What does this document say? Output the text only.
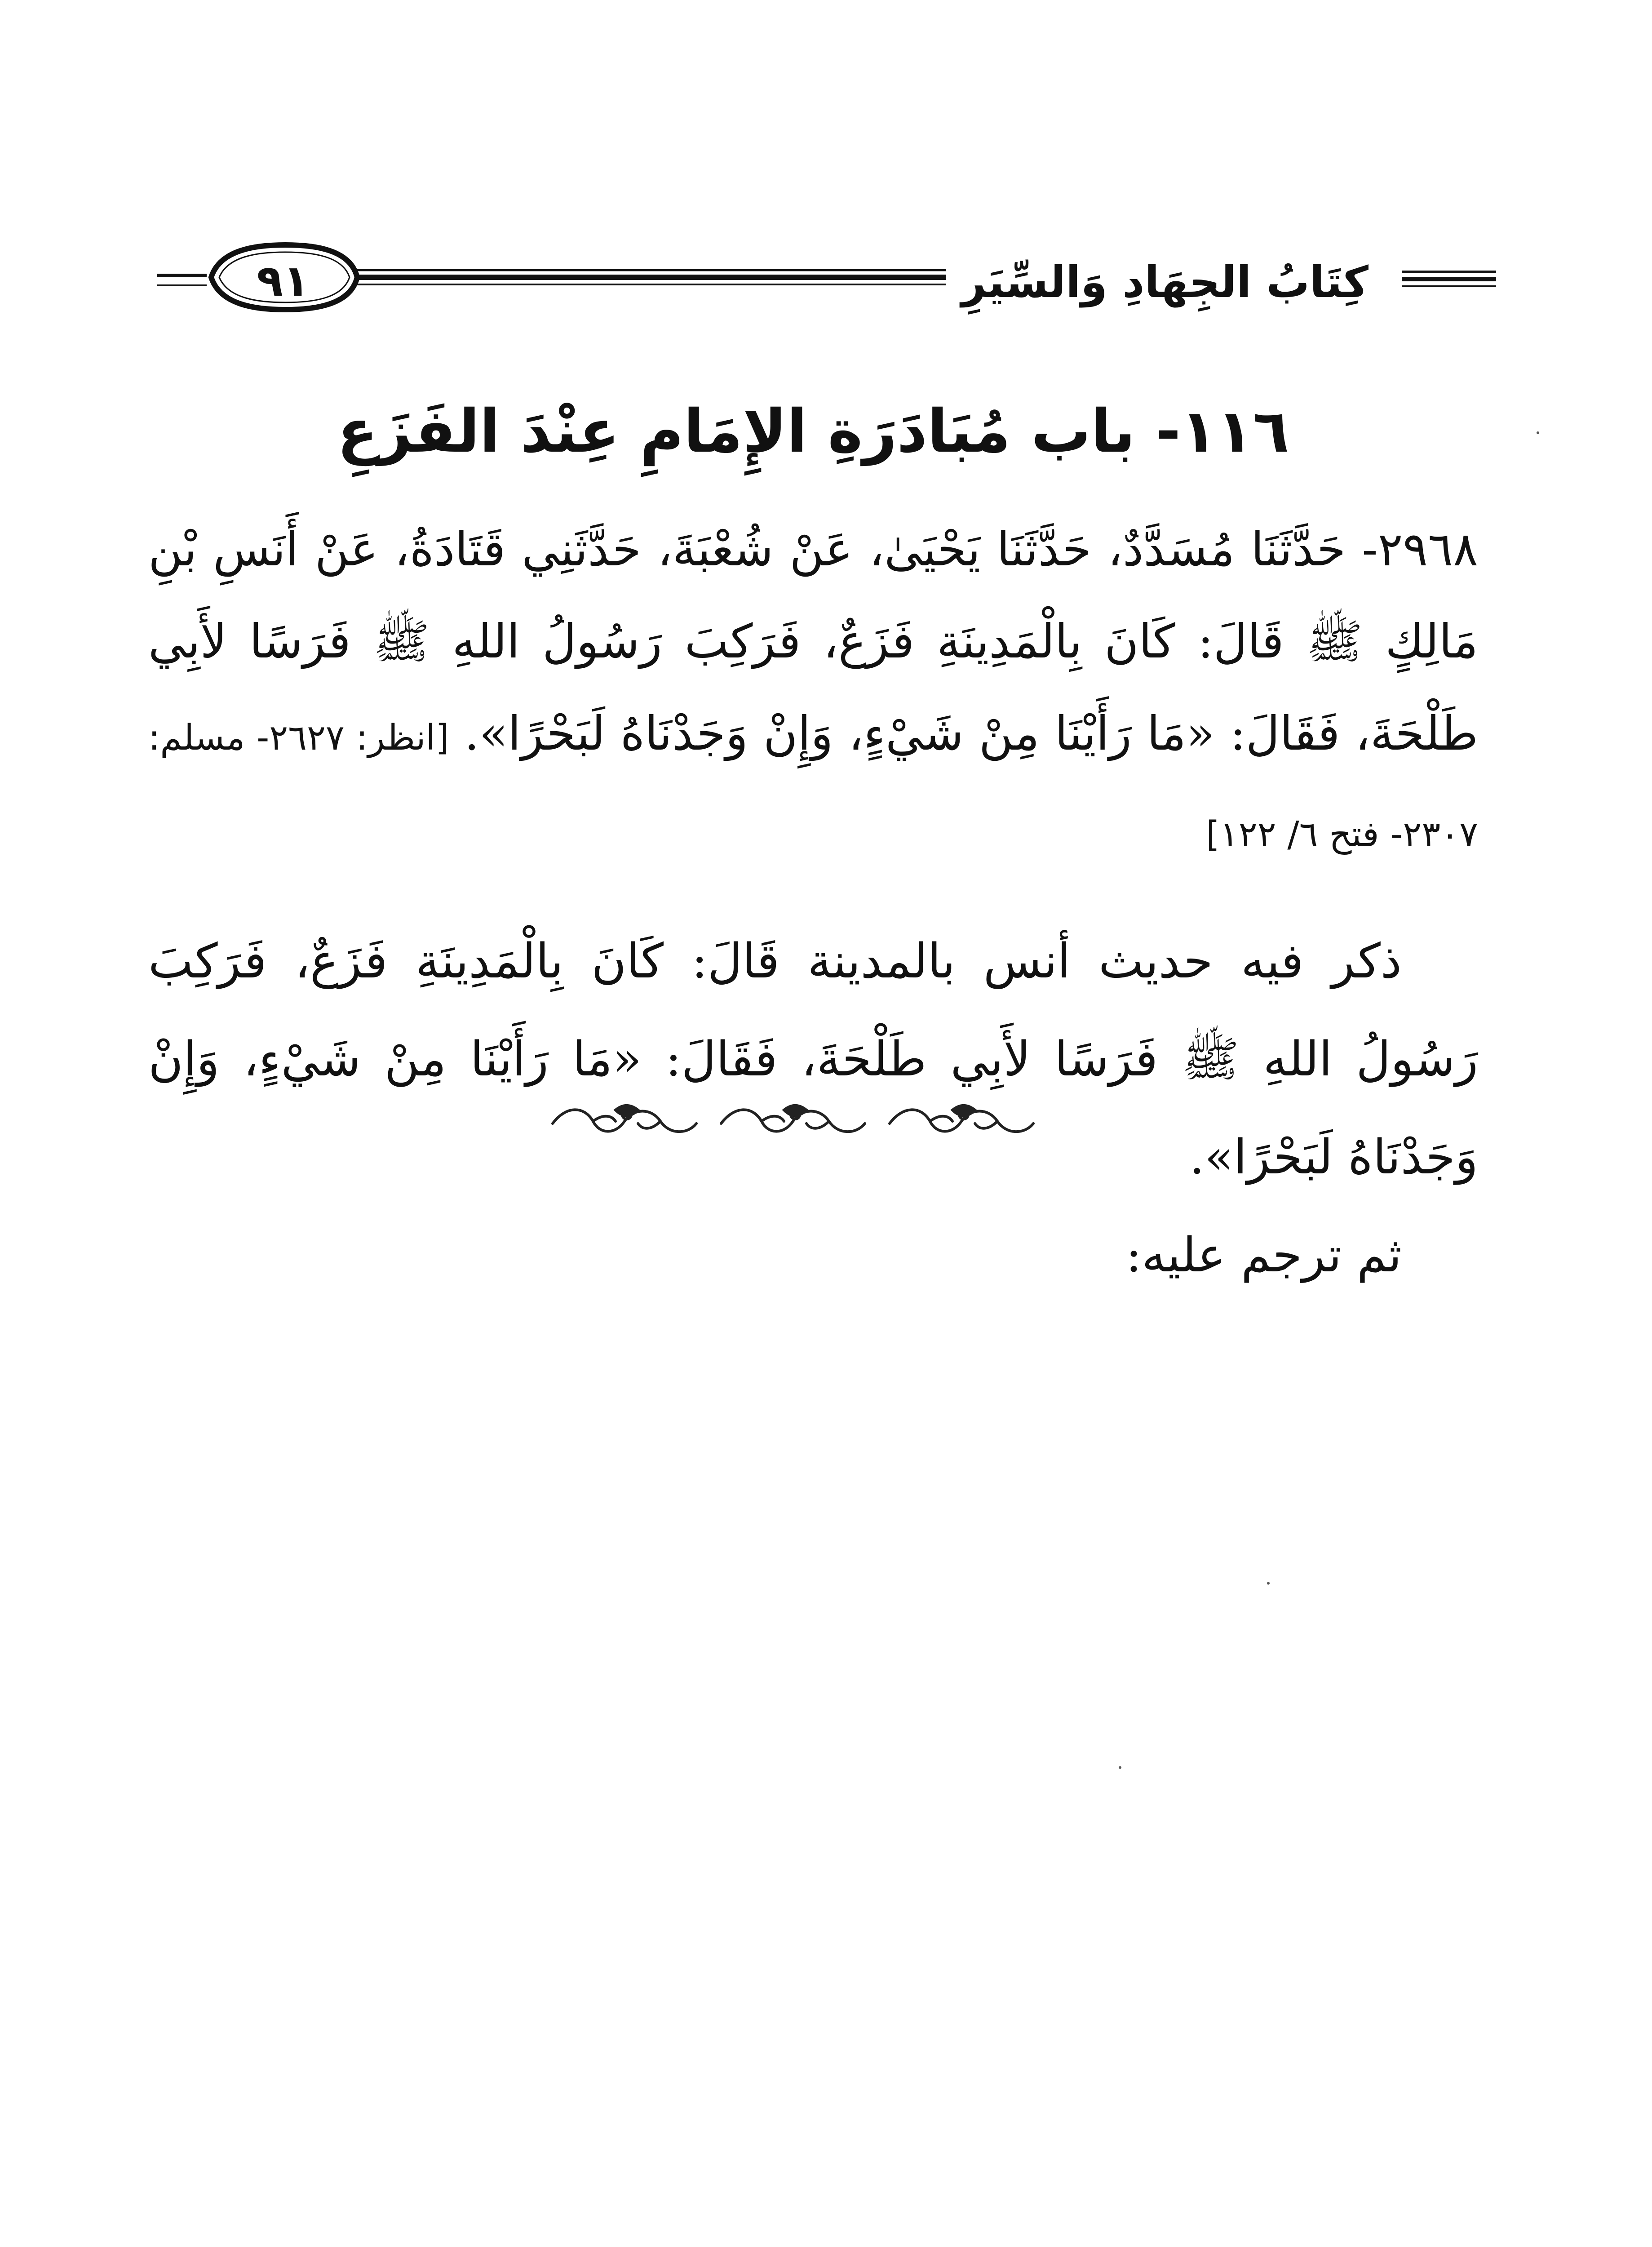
٩١	كِتَابُ الجِهَادِ وَالسِّيَرِ
١١٦- باب مُبَادَرَةِ الإِمَامِ عِنْدَ الفَزَعِ

٢٩٦٨- حَدَّثَنَا مُسَدَّدٌ، حَدَّثَنَا يَحْيَىٰ، عَنْ شُعْبَةَ، حَدَّثَنِي قَتَادَةُ، عَنْ أَنَسِ بْنِ مَالِكٍ ﷺ قَالَ: كَانَ بِالْمَدِينَةِ فَزَعٌ، فَرَكِبَ رَسُولُ اللهِ ﷺ فَرَسًا لأَبِي طَلْحَةَ، فَقَالَ: «مَا رَأَيْنَا مِنْ شَيْءٍ، وَإِنْ وَجَدْنَاهُ لَبَحْرًا». [انظر: ٢٦٢٧- مسلم: ٢٣٠٧- فتح ٦/ ١٢٢]

ذكر فيه حديث أنس بالمدينة قَالَ: كَانَ بِالْمَدِينَةِ فَزَعٌ، فَرَكِبَ رَسُولُ اللهِ ﷺ فَرَسًا لأَبِي طَلْحَةَ، فَقَالَ: «مَا رَأَيْنَا مِنْ شَيْءٍ، وَإِنْ وَجَدْنَاهُ لَبَحْرًا».

ثم ترجم عليه:
